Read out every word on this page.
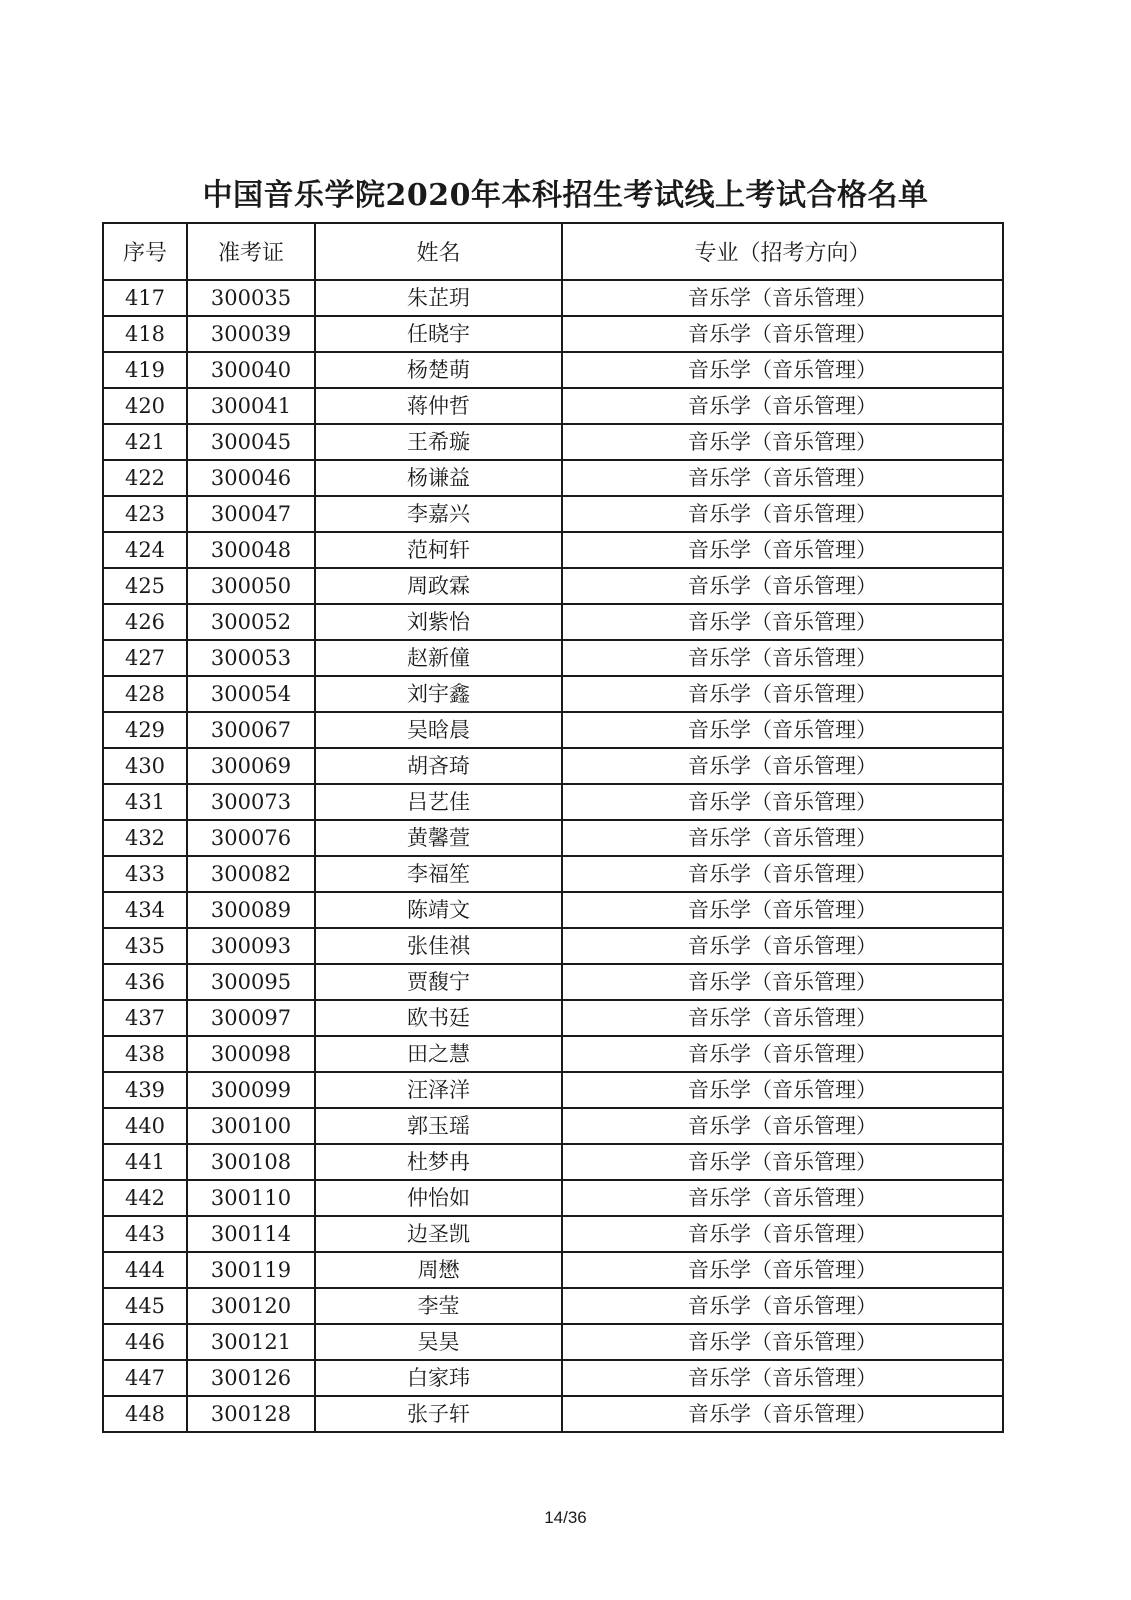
中国音乐学院2020年本科招生考试线上考试合格名单
序号	准考证	姓名	专业（招考方向）
417	300035	朱芷玥	音乐学（音乐管理）
418	300039	任晓宇	音乐学（音乐管理）
419	300040	杨楚萌	音乐学（音乐管理）
420	300041	蒋仲哲	音乐学（音乐管理）
421	300045	王希璇	音乐学（音乐管理）
422	300046	杨谦益	音乐学（音乐管理）
423	300047	李嘉兴	音乐学（音乐管理）
424	300048	范柯轩	音乐学（音乐管理）
425	300050	周政霖	音乐学（音乐管理）
426	300052	刘紫怡	音乐学（音乐管理）
427	300053	赵新僮	音乐学（音乐管理）
428	300054	刘宇鑫	音乐学（音乐管理）
429	300067	吴晗晨	音乐学（音乐管理）
430	300069	胡吝琦	音乐学（音乐管理）
431	300073	吕艺佳	音乐学（音乐管理）
432	300076	黄馨萱	音乐学（音乐管理）
433	300082	李福笙	音乐学（音乐管理）
434	300089	陈靖文	音乐学（音乐管理）
435	300093	张佳祺	音乐学（音乐管理）
436	300095	贾馥宁	音乐学（音乐管理）
437	300097	欧书廷	音乐学（音乐管理）
438	300098	田之慧	音乐学（音乐管理）
439	300099	汪泽洋	音乐学（音乐管理）
440	300100	郭玉瑶	音乐学（音乐管理）
441	300108	杜梦冉	音乐学（音乐管理）
442	300110	仲怡如	音乐学（音乐管理）
443	300114	边圣凯	音乐学（音乐管理）
444	300119	周懋	音乐学（音乐管理）
445	300120	李莹	音乐学（音乐管理）
446	300121	吴昊	音乐学（音乐管理）
447	300126	白家玮	音乐学（音乐管理）
448	300128	张子轩	音乐学（音乐管理）
14/36
